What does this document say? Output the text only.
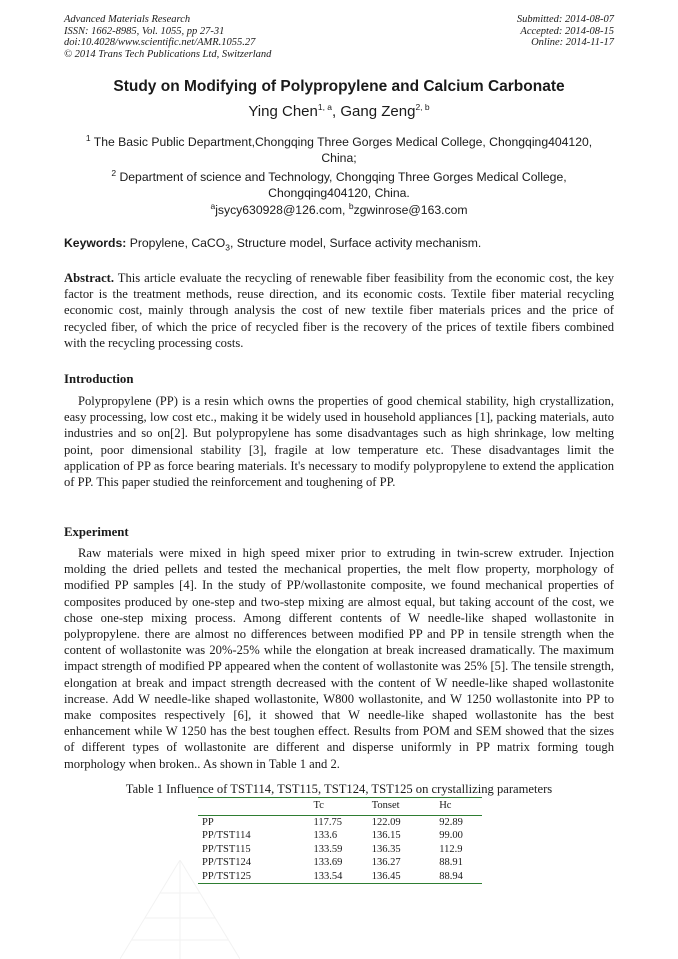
Advanced Materials Research
ISSN: 1662-8985, Vol. 1055, pp 27-31
doi:10.4028/www.scientific.net/AMR.1055.27
© 2014 Trans Tech Publications Ltd, Switzerland
Submitted: 2014-08-07
Accepted: 2014-08-15
Online: 2014-11-17
Study on Modifying of Polypropylene and Calcium Carbonate
Ying Chen$^{1, a}$, Gang Zeng$^{2, b}$
$^1$ The Basic Public Department,Chongqing Three Gorges Medical College, Chongqing404120, China;
$^2$ Department of science and Technology, Chongqing Three Gorges Medical College, Chongqing404120, China.
$^a$jsycy630928@126.com, $^b$zgwinrose@163.com
Keywords: Propylene, CaCO$_3$, Structure model, Surface activity mechanism.
Abstract. This article evaluate the recycling of renewable fiber feasibility from the economic cost, the key factor is the treatment methods, reuse direction, and its economic costs. Textile fiber material recycling economic cost, mainly through analysis the cost of new textile fiber materials prices and the price of recycled fiber, of which the price of recycled fiber is the recovery of the prices of textile fibers combined with the recycling processing costs.
Introduction
Polypropylene (PP) is a resin which owns the properties of good chemical stability, high crystallization, easy processing, low cost etc., making it be widely used in household appliances [1], packing materials, auto industries and so on[2]. But polypropylene has some disadvantages such as high shrinkage, low melting point, poor dimensional stability [3], fragile at low temperature etc. These disadvantages limit the application of PP as force bearing materials. It's necessary to modify polypropylene to extend the application of PP. This paper studied the reinforcement and toughening of PP.
Experiment
Raw materials were mixed in high speed mixer prior to extruding in twin-screw extruder. Injection molding the dried pellets and tested the mechanical properties, the melt flow property, morphology of modified PP samples [4]. In the study of PP/wollastonite composite, we found mechanical properties of composites produced by one-step and two-step mixing are almost equal, but taking account of the cost, we chose one-step mixing process. Among different contents of W needle-like shaped wollastonite in polypropylene. there are almost no differences between modified PP and PP in tensile strength when the content of wollastonite was 20%-25% while the elongation at break increased dramatically. The maximum impact strength of modified PP appeared when the content of wollastonite was 25% [5]. The tensile strength, elongation at break and impact strength decreased with the content of W needle-like shaped wollastonite increase. Add W needle-like shaped wollastonite, W800 wollastonite, and W 1250 wollastonite into PP to make composites respectively [6], it showed that W needle-like shaped wollastonite has the best enhancement while W 1250 has the best toughen effect. Results from POM and SEM showed that the sizes of different types of wollastonite are different and disperse uniformly in PP matrix forming tough morphology when broken.. As shown in Table 1 and 2.
Table 1 Influence of TST114, TST115, TST124, TST125 on crystallizing parameters
	Tc	Tonset	Hc
PP	117.75	122.09	92.89
PP/TST114	133.6	136.15	99.00
PP/TST115	133.59	136.35	112.9
PP/TST124	133.69	136.27	88.91
PP/TST125	133.54	136.45	88.94
